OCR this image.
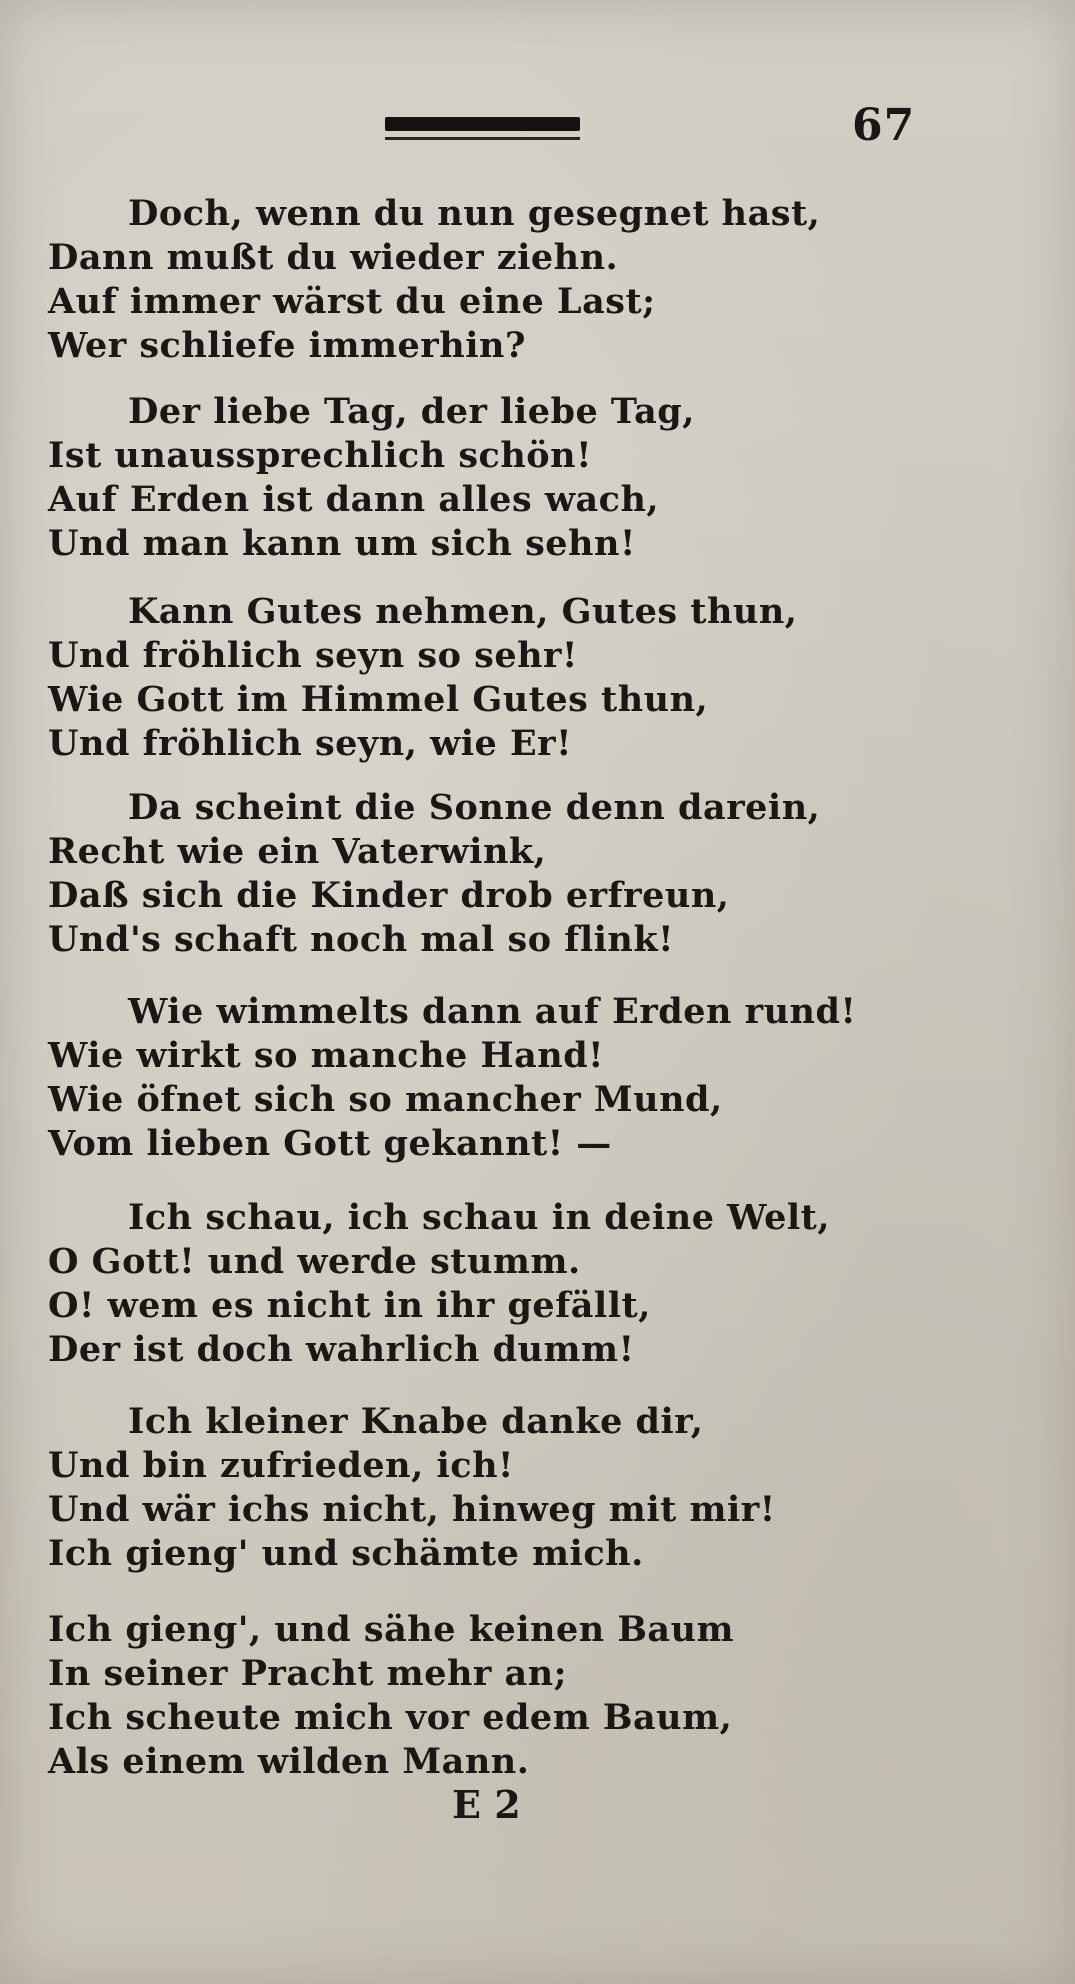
67
Doch, wenn du nun gesegnet hast,
Dann mußt du wieder ziehn.
Auf immer wärst du eine Last;
Wer schliefe immerhin?
Der liebe Tag, der liebe Tag,
Ist unaussprechlich schön!
Auf Erden ist dann alles wach,
Und man kann um sich sehn!
Kann Gutes nehmen, Gutes thun,
Und fröhlich seyn so sehr!
Wie Gott im Himmel Gutes thun,
Und fröhlich seyn, wie Er!
Da scheint die Sonne denn darein,
Recht wie ein Vaterwink,
Daß sich die Kinder drob erfreun,
Und's schaft noch mal so flink!
Wie wimmelts dann auf Erden rund!
Wie wirkt so manche Hand!
Wie öfnet sich so mancher Mund,
Vom lieben Gott gekannt! —
Ich schau, ich schau in deine Welt,
O Gott! und werde stumm.
O! wem es nicht in ihr gefällt,
Der ist doch wahrlich dumm!
Ich kleiner Knabe danke dir,
Und bin zufrieden, ich!
Und wär ichs nicht, hinweg mit mir!
Ich gieng' und schämte mich.
Ich gieng', und sähe keinen Baum
In seiner Pracht mehr an;
Ich scheute mich vor edem Baum,
Als einem wilden Mann.
E 2
